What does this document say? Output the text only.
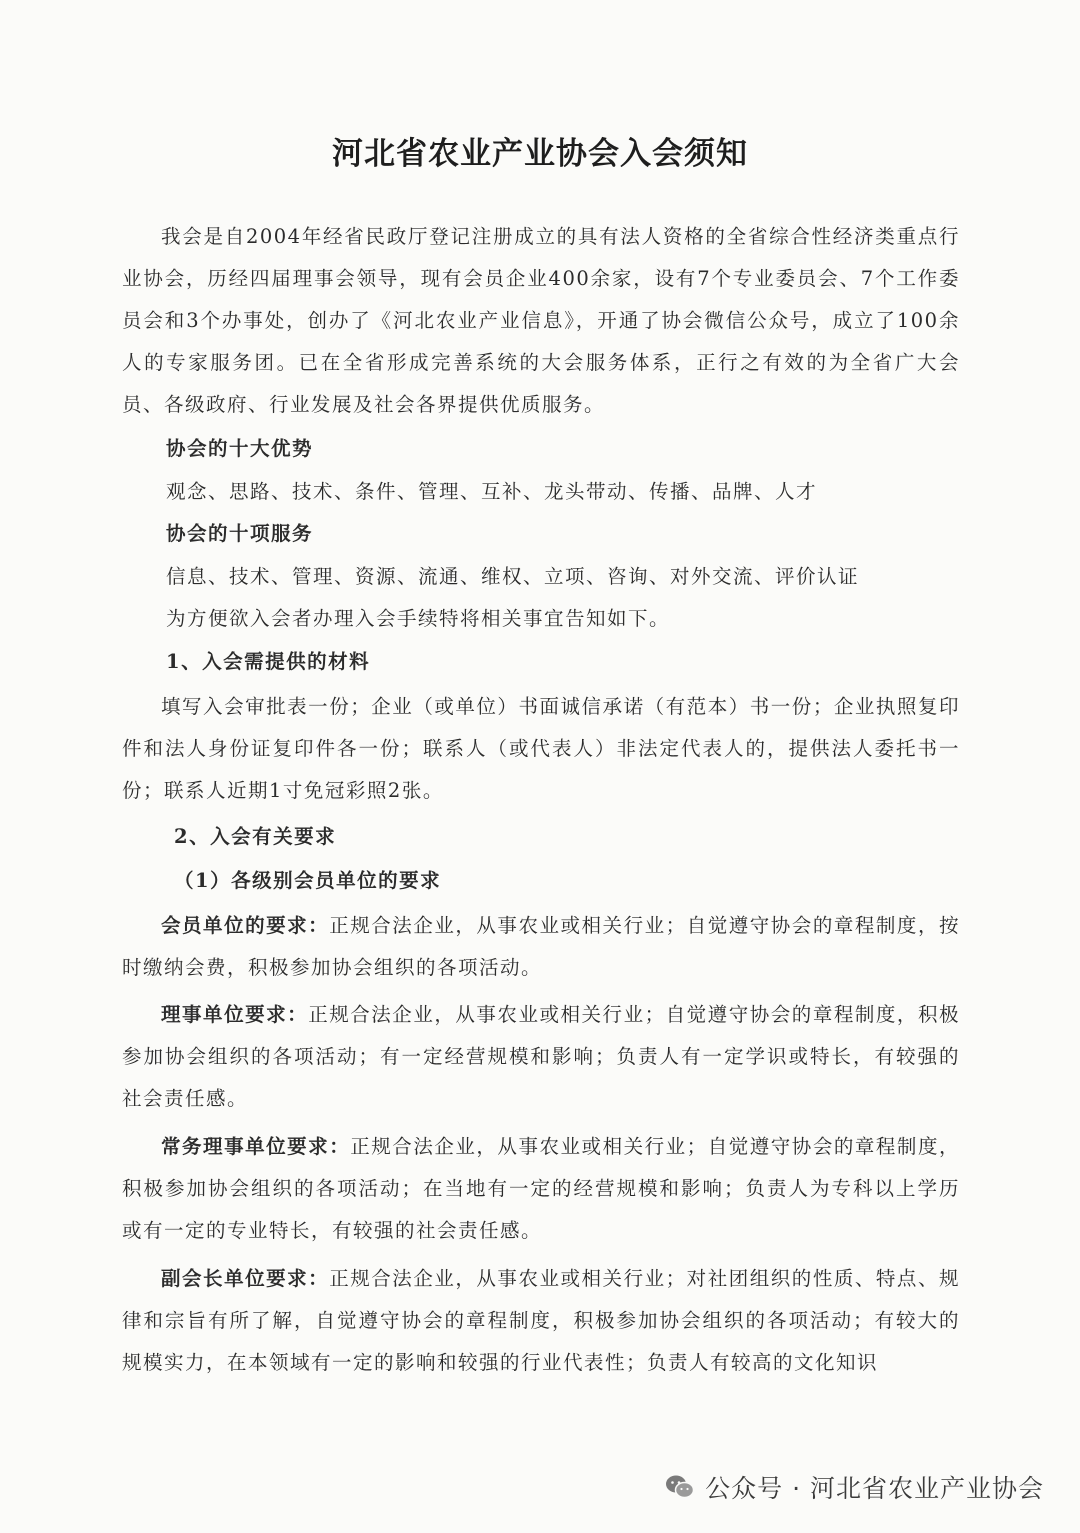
河北省农业产业协会入会须知

我会是自2004年经省民政厅登记注册成立的具有法人资格的全省综合性经济类重点行业协会，历经四届理事会领导，现有会员企业400余家，设有7个专业委员会、7个工作委员会和3个办事处，创办了《河北农业产业信息》，开通了协会微信公众号，成立了100余人的专家服务团。已在全省形成完善系统的大会服务体系，正行之有效的为全省广大会员、各级政府、行业发展及社会各界提供优质服务。

协会的十大优势
观念、思路、技术、条件、管理、互补、龙头带动、传播、品牌、人才
协会的十项服务
信息、技术、管理、资源、流通、维权、立项、咨询、对外交流、评价认证
为方便欲入会者办理入会手续特将相关事宜告知如下。
1、入会需提供的材料

填写入会审批表一份；企业（或单位）书面诚信承诺（有范本）书一份；企业执照复印件和法人身份证复印件各一份；联系人（或代表人）非法定代表人的，提供法人委托书一份；联系人近期1寸免冠彩照2张。

2、入会有关要求
（1）各级别会员单位的要求

会员单位的要求：正规合法企业，从事农业或相关行业；自觉遵守协会的章程制度，按时缴纳会费，积极参加协会组织的各项活动。

理事单位要求：正规合法企业，从事农业或相关行业；自觉遵守协会的章程制度，积极参加协会组织的各项活动；有一定经营规模和影响；负责人有一定学识或特长，有较强的社会责任感。

常务理事单位要求：正规合法企业，从事农业或相关行业；自觉遵守协会的章程制度，积极参加协会组织的各项活动；在当地有一定的经营规模和影响；负责人为专科以上学历或有一定的专业特长，有较强的社会责任感。

副会长单位要求：正规合法企业，从事农业或相关行业；对社团组织的性质、特点、规律和宗旨有所了解，自觉遵守协会的章程制度，积极参加协会组织的各项活动；有较大的规模实力，在本领域有一定的影响和较强的行业代表性；负责人有较高的文化知识

公众号 · 河北省农业产业协会
